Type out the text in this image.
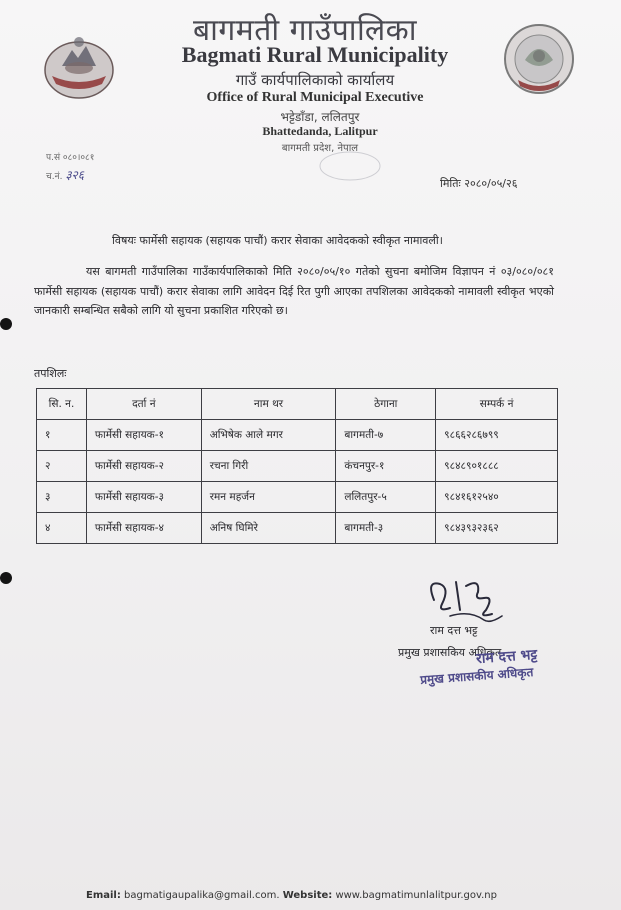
बागमती गाउँपालिका
Bagmati Rural Municipality
गाउँ कार्यपालिकाको कार्यालय
Office of Rural Municipal Executive
भट्टेडाँडा, ललितपुर
Bhattedanda, Lalitpur
बागमती प्रदेश, नेपाल
प.सं ०८०।०८१
च.नं. ३२६
मितिः २०८०/०५/२६
विषयः फार्मेसी सहायक (सहायक पाचौं) करार सेवाका आवेदकको स्वीकृत नामावली।
यस बागमती गाउँपालिका गाउँकार्यपालिकाको मिति २०८०/०५/१० गतेको सुचना बमोजिम विज्ञापन नं ०३/०८०/०८१ फार्मेसी सहायक (सहायक पाचौं) करार सेवाका लागि आवेदन दिई रित पुगी आएका तपशिलका आवेदकको नामावली स्वीकृत भएको जानकारी सम्बन्धित सबैको लागि यो सुचना प्रकाशित गरिएको छ।
तपशिलः
सि. न.	दर्ता नं	नाम थर	ठेगाना	सम्पर्क नं
१	फार्मेसी सहायक-१	अभिषेक आले मगर	बागमती-७	९८६६२८६७९९
२	फार्मेसी सहायक-२	रचना गिरी	कंचनपुर-१	९८४८९०१८८८
३	फार्मेसी सहायक-३	रमन महर्जन	ललितपुर-५	९८४१६१२५४०
४	फार्मेसी सहायक-४	अनिष घिमिरे	बागमती-३	९८४३९३२३६२
राम दत्त भट्ट
प्रमुख प्रशासकिय अधिकृत
राम दत्त भट्ट
प्रमुख प्रशासकीय अधिकृत
Email: bagmatigaupalika@gmail.com. Website: www.bagmatimunlalitpur.gov.np
